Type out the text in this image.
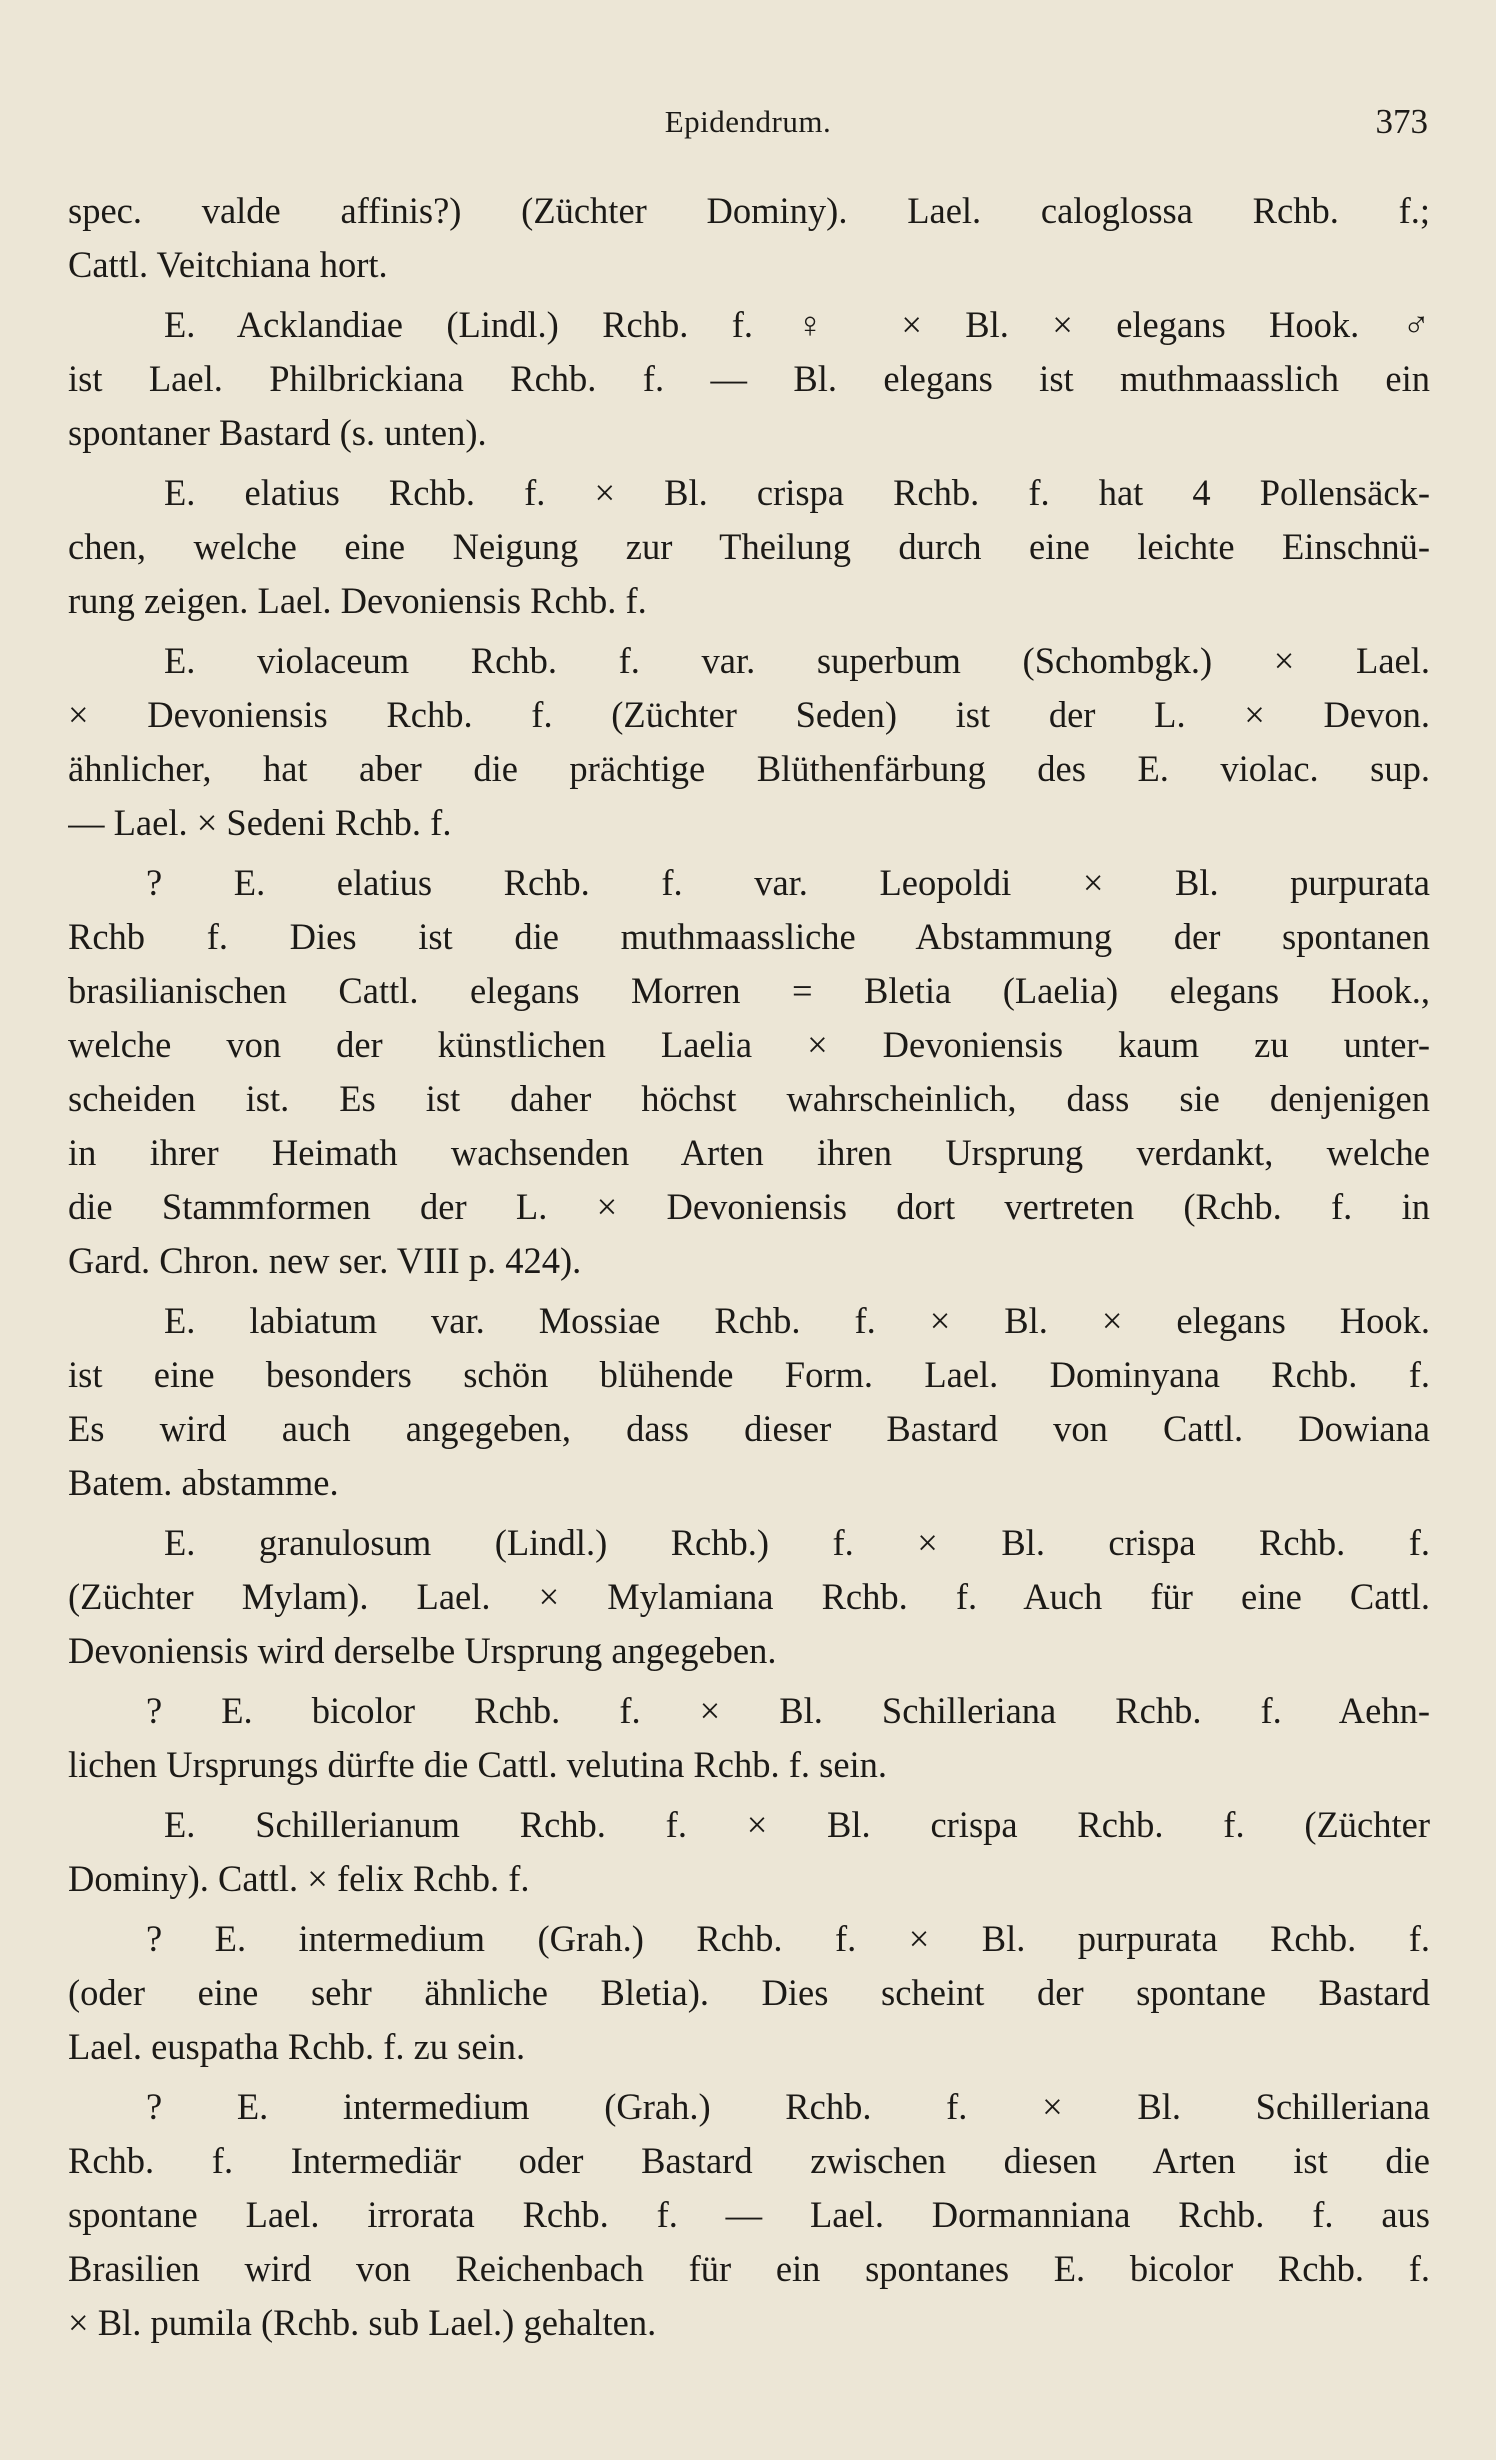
Epidendrum.	373

spec. valde affinis?) (Züchter Dominy). Lael. caloglossa Rchb. f.;
Cattl. Veitchiana hort.

E. Acklandiae (Lindl.) Rchb. f. ♀ × Bl. × elegans Hook. ♂
ist Lael. Philbrickiana Rchb. f. — Bl. elegans ist muthmaasslich ein
spontaner Bastard (s. unten).

E. elatius Rchb. f. × Bl. crispa Rchb. f. hat 4 Pollensäck-
chen, welche eine Neigung zur Theilung durch eine leichte Einschnü-
rung zeigen. Lael. Devoniensis Rchb. f.

E. violaceum Rchb. f. var. superbum (Schombgk.) × Lael.
× Devoniensis Rchb. f. (Züchter Seden) ist der L. × Devon.
ähnlicher, hat aber die prächtige Blüthenfärbung des E. violac. sup.
— Lael. × Sedeni Rchb. f.

? E. elatius Rchb. f. var. Leopoldi × Bl. purpurata
Rchb f. Dies ist die muthmaassliche Abstammung der spontanen
brasilianischen Cattl. elegans Morren = Bletia (Laelia) elegans Hook.,
welche von der künstlichen Laelia × Devoniensis kaum zu unter-
scheiden ist. Es ist daher höchst wahrscheinlich, dass sie denjenigen
in ihrer Heimath wachsenden Arten ihren Ursprung verdankt, welche
die Stammformen der L. × Devoniensis dort vertreten (Rchb. f. in
Gard. Chron. new ser. VIII p. 424).

E. labiatum var. Mossiae Rchb. f. × Bl. × elegans Hook.
ist eine besonders schön blühende Form. Lael. Dominyana Rchb. f.
Es wird auch angegeben, dass dieser Bastard von Cattl. Dowiana
Batem. abstamme.

E. granulosum (Lindl.) Rchb.) f. × Bl. crispa Rchb. f.
(Züchter Mylam). Lael. × Mylamiana Rchb. f. Auch für eine Cattl.
Devoniensis wird derselbe Ursprung angegeben.

? E. bicolor Rchb. f. × Bl. Schilleriana Rchb. f. Aehn-
lichen Ursprungs dürfte die Cattl. velutina Rchb. f. sein.

E. Schillerianum Rchb. f. × Bl. crispa Rchb. f. (Züchter
Dominy). Cattl. × felix Rchb. f.

? E. intermedium (Grah.) Rchb. f. × Bl. purpurata Rchb. f.
(oder eine sehr ähnliche Bletia). Dies scheint der spontane Bastard
Lael. euspatha Rchb. f. zu sein.

? E. intermedium (Grah.) Rchb. f. × Bl. Schilleriana
Rchb. f. Intermediär oder Bastard zwischen diesen Arten ist die
spontane Lael. irrorata Rchb. f. — Lael. Dormanniana Rchb. f. aus
Brasilien wird von Reichenbach für ein spontanes E. bicolor Rchb. f.
× Bl. pumila (Rchb. sub Lael.) gehalten.
